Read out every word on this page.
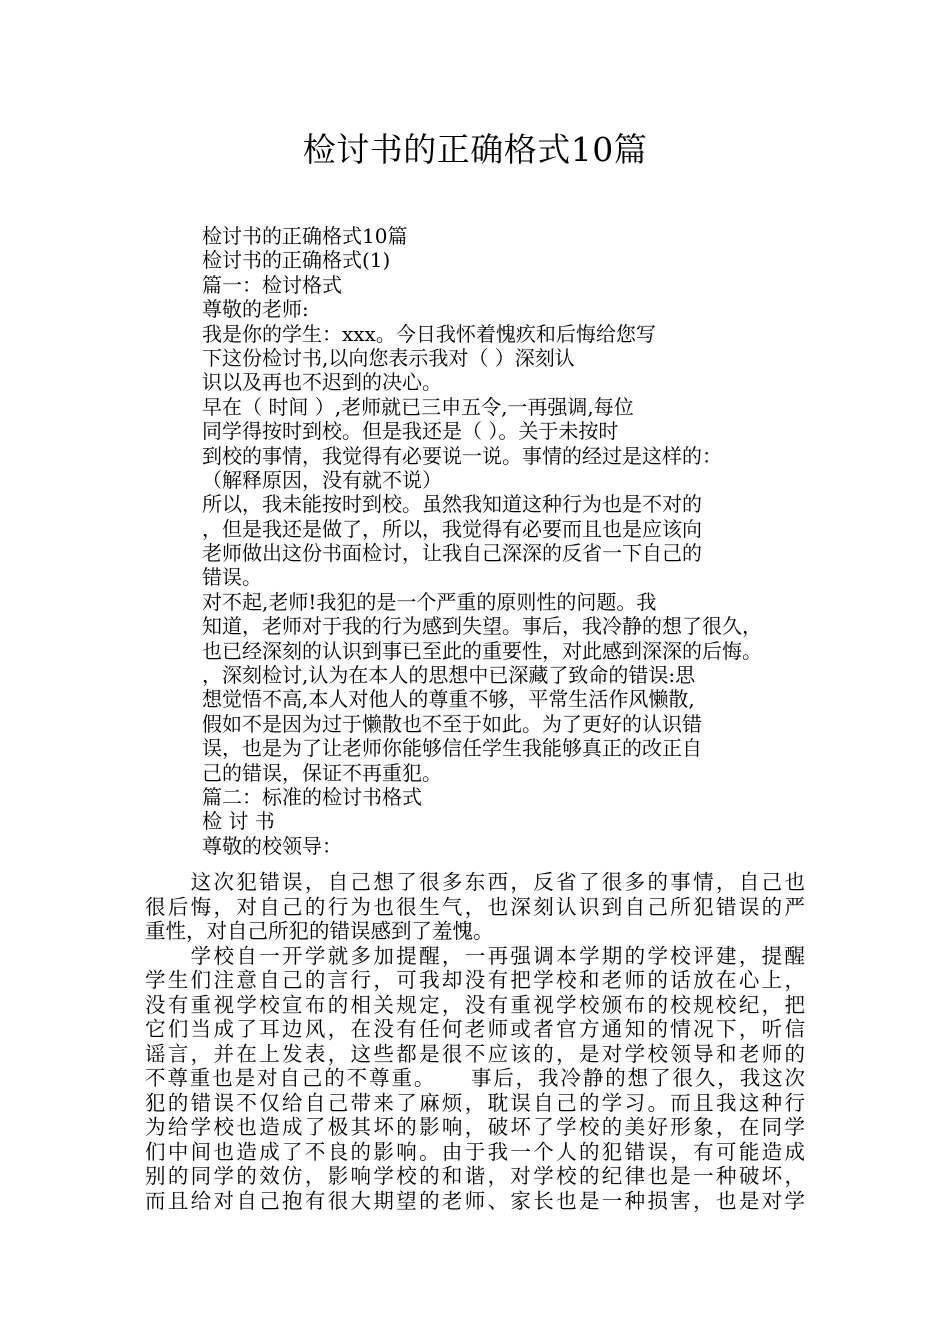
检讨书的正确格式10篇
检讨书的正确格式10篇
检讨书的正确格式(1)
篇一：检讨格式
尊敬的老师:
我是你的学生：xxx。今日我怀着愧疚和后悔给您写
下这份检讨书,以向您表示我对（ ）深刻认
识以及再也不迟到的决心。
早在（ 时间 ）,老师就已三申五令,一再强调,每位
同学得按时到校。但是我还是（ ）。关于未按时
到校的事情，我觉得有必要说一说。事情的经过是这样的：
（解释原因，没有就不说）
所以，我未能按时到校。虽然我知道这种行为也是不对的
，但是我还是做了，所以，我觉得有必要而且也是应该向
老师做出这份书面检讨，让我自己深深的反省一下自己的
错误。
对不起,老师!我犯的是一个严重的原则性的问题。我
知道，老师对于我的行为感到失望。事后，我冷静的想了很久，
也已经深刻的认识到事已至此的重要性，对此感到深深的后悔。
，深刻检讨,认为在本人的思想中已深藏了致命的错误:思
想觉悟不高,本人对他人的尊重不够，平常生活作风懒散,
假如不是因为过于懒散也不至于如此。为了更好的认识错
误，也是为了让老师你能够信任学生我能够真正的改正自
己的错误，保证不再重犯。
篇二：标准的检讨书格式
检 讨 书
尊敬的校领导：
　　这次犯错误，自己想了很多东西，反省了很多的事情，自己也
很后悔，对自己的行为也很生气，也深刻认识到自己所犯错误的严
重性，对自己所犯的错误感到了羞愧。
　　学校自一开学就多加提醒，一再强调本学期的学校评建，提醒
学生们注意自己的言行，可我却没有把学校和老师的话放在心上，
没有重视学校宣布的相关规定，没有重视学校颁布的校规校纪，把
它们当成了耳边风，在没有任何老师或者官方通知的情况下，听信
谣言，并在上发表，这些都是很不应该的，是对学校领导和老师的
不尊重也是对自己的不尊重。　　事后，我冷静的想了很久，我这次
犯的错误不仅给自己带来了麻烦，耽误自己的学习。而且我这种行
为给学校也造成了极其坏的影响，破坏了学校的美好形象，在同学
们中间也造成了不良的影响。由于我一个人的犯错误，有可能造成
别的同学的效仿，影响学校的和谐，对学校的纪律也是一种破坏，
而且给对自己抱有很大期望的老师、家长也是一种损害，也是对学
